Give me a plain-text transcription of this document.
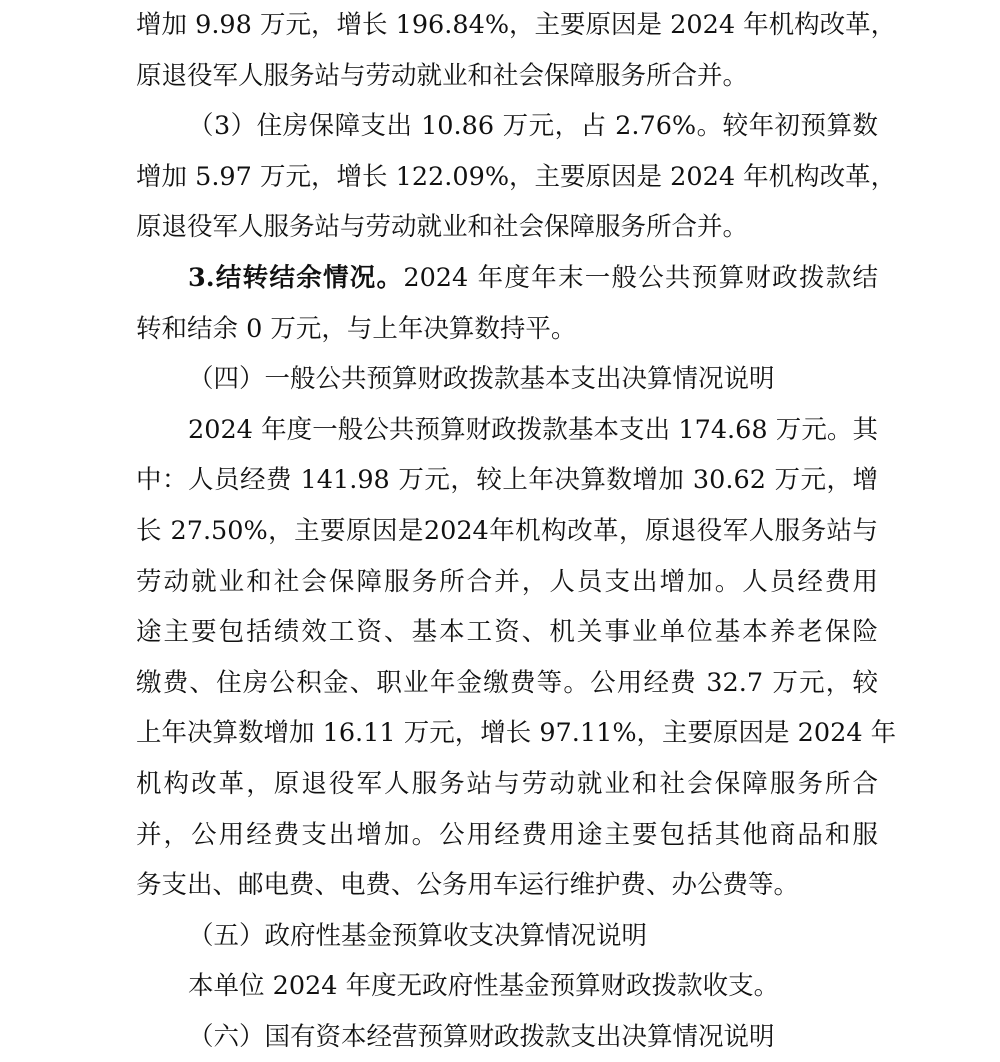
增加 9.98 万元，增长 196.84%，主要原因是 2024 年机构改革，
原退役军人服务站与劳动就业和社会保障服务所合并。
（3）住房保障支出 10.86 万元，占 2.76%。较年初预算数
增加 5.97 万元，增长 122.09%，主要原因是 2024 年机构改革，
原退役军人服务站与劳动就业和社会保障服务所合并。
3.结转结余情况。2024 年度年末一般公共预算财政拨款结
转和结余 0 万元，与上年决算数持平。
（四）一般公共预算财政拨款基本支出决算情况说明
2024 年度一般公共预算财政拨款基本支出 174.68 万元。其
中：人员经费 141.98 万元，较上年决算数增加 30.62 万元，增
长 27.50%，主要原因是2024年机构改革，原退役军人服务站与
劳动就业和社会保障服务所合并，人员支出增加。人员经费用
途主要包括绩效工资、基本工资、机关事业单位基本养老保险
缴费、住房公积金、职业年金缴费等。公用经费 32.7 万元，较
上年决算数增加 16.11 万元，增长 97.11%，主要原因是 2024 年
机构改革，原退役军人服务站与劳动就业和社会保障服务所合
并，公用经费支出增加。公用经费用途主要包括其他商品和服
务支出、邮电费、电费、公务用车运行维护费、办公费等。
（五）政府性基金预算收支决算情况说明
本单位 2024 年度无政府性基金预算财政拨款收支。
（六）国有资本经营预算财政拨款支出决算情况说明
